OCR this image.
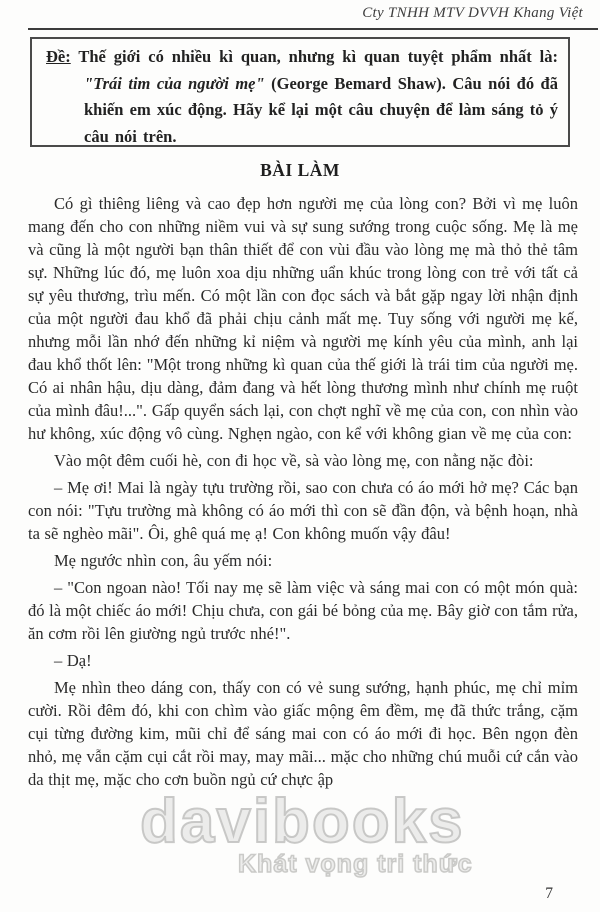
Cty TNHH MTV DVVH Khang Việt

Đề: Thế giới có nhiều kì quan, nhưng kì quan tuyệt phẩm nhất là: "Trái tim của người mẹ" (George Bemard Shaw). Câu nói đó đã khiến em xúc động. Hãy kể lại một câu chuyện để làm sáng tỏ ý câu nói trên.

BÀI LÀM

Có gì thiêng liêng và cao đẹp hơn người mẹ của lòng con? Bởi vì mẹ luôn mang đến cho con những niềm vui và sự sung sướng trong cuộc sống. Mẹ là mẹ và cũng là một người bạn thân thiết để con vùi đầu vào lòng mẹ mà thỏ thẻ tâm sự. Những lúc đó, mẹ luôn xoa dịu những uẩn khúc trong lòng con trẻ với tất cả sự yêu thương, trìu mến. Có một lần con đọc sách và bắt gặp ngay lời nhận định của một người đau khổ đã phải chịu cảnh mất mẹ. Tuy sống với người mẹ kế, nhưng mỗi lần nhớ đến những kỉ niệm và người mẹ kính yêu của mình, anh lại đau khổ thốt lên: "Một trong những kì quan của thế giới là trái tim của người mẹ. Có ai nhân hậu, dịu dàng, đảm đang và hết lòng thương mình như chính mẹ ruột của mình đâu!...". Gấp quyển sách lại, con chợt nghĩ về mẹ của con, con nhìn vào hư không, xúc động vô cùng. Nghẹn ngào, con kể với không gian về mẹ của con:

Vào một đêm cuối hè, con đi học về, sà vào lòng mẹ, con nằng nặc đòi:

– Mẹ ơi! Mai là ngày tựu trường rồi, sao con chưa có áo mới hở mẹ? Các bạn con nói: "Tựu trường mà không có áo mới thì con sẽ đần độn, và bệnh hoạn, nhà ta sẽ nghèo mãi". Ôi, ghê quá mẹ ạ! Con không muốn vậy đâu!

Mẹ ngước nhìn con, âu yếm nói:

– "Con ngoan nào! Tối nay mẹ sẽ làm việc và sáng mai con có một món quà: đó là một chiếc áo mới! Chịu chưa, con gái bé bỏng của mẹ. Bây giờ con tắm rửa, ăn cơm rồi lên giường ngủ trước nhé!".

– Dạ!

Mẹ nhìn theo dáng con, thấy con có vẻ sung sướng, hạnh phúc, mẹ chỉ mỉm cười. Rồi đêm đó, khi con chìm vào giấc mộng êm đềm, mẹ đã thức trắng, cặm cụi từng đường kim, mũi chỉ để sáng mai con có áo mới đi học. Bên ngọn đèn nhỏ, mẹ vẫn cặm cụi cắt rồi may, may mãi... mặc cho những chú muỗi cứ cắn vào da thịt mẹ, mặc cho cơn buồn ngủ cứ chực ập

davibooks
Khát vọng tri thức
7
